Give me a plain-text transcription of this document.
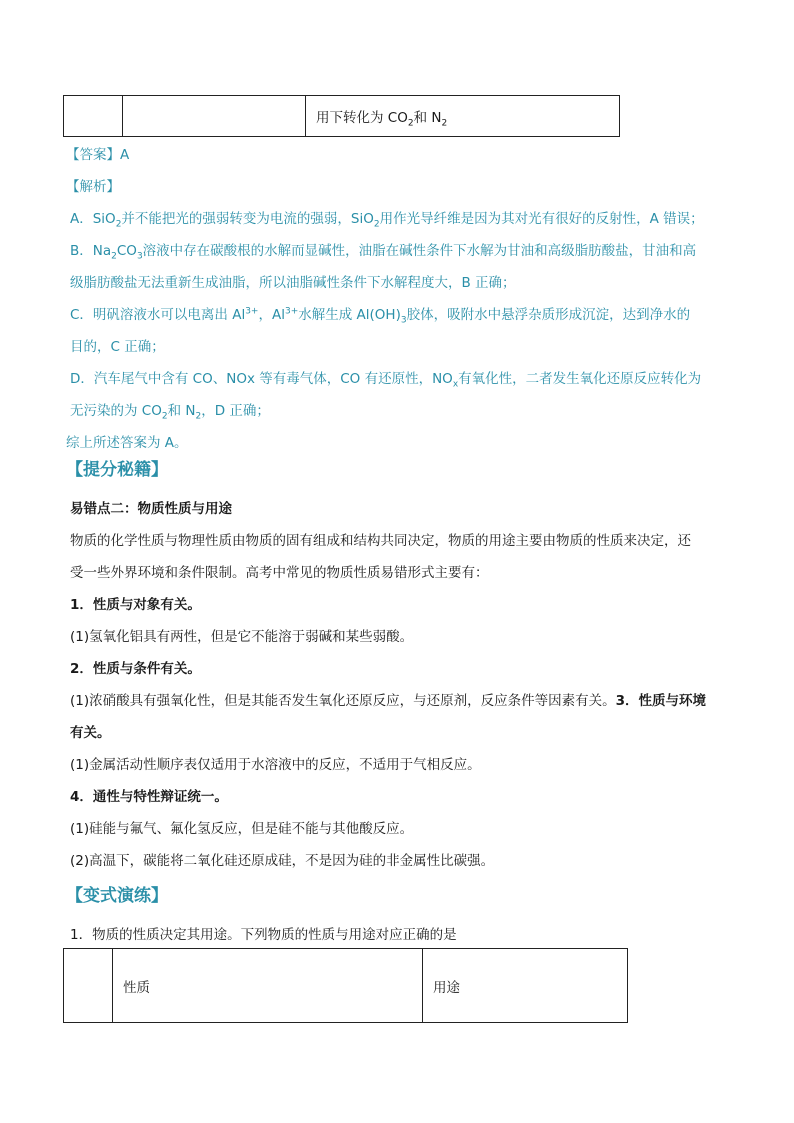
		用下转化为 $CO_2$和 $N_2$
【答案】A
【解析】
A．SiO$_2$并不能把光的强弱转变为电流的强弱，SiO$_2$用作光导纤维是因为其对光有很好的反射性，A 错误；
B．$Na_2CO_3$溶液中存在碳酸根的水解而显碱性，油脂在碱性条件下水解为甘油和高级脂肪酸盐，甘油和高
级脂肪酸盐无法重新生成油脂，所以油脂碱性条件下水解程度大，B 正确；
C．明矾溶液水可以电离出 $Al^{3+}$，$Al^{3+}$水解生成 $Al(OH)_3$胶体，吸附水中悬浮杂质形成沉淀，达到净水的
目的，C 正确；
D．汽车尾气中含有 CO、NOx 等有毒气体，CO 有还原性，$NO_x$有氧化性，二者发生氧化还原反应转化为
无污染的为 $CO_2$和 $N_2$，D 正确；
综上所述答案为 A。
【提分秘籍】
易错点二：物质性质与用途
物质的化学性质与物理性质由物质的固有组成和结构共同决定，物质的用途主要由物质的性质来决定，还
受一些外界环境和条件限制。高考中常见的物质性质易错形式主要有：
1．性质与对象有关。
(1)氢氧化铝具有两性，但是它不能溶于弱碱和某些弱酸。
2．性质与条件有关。
(1)浓硝酸具有强氧化性，但是其能否发生氧化还原反应，与还原剂，反应条件等因素有关。3．性质与环境
有关。
(1)金属活动性顺序表仅适用于水溶液中的反应，不适用于气相反应。
4．通性与特性辩证统一。
(1)硅能与氟气、氟化氢反应，但是硅不能与其他酸反应。
(2)高温下，碳能将二氧化硅还原成硅，不是因为硅的非金属性比碳强。
【变式演练】
1．物质的性质决定其用途。下列物质的性质与用途对应正确的是
	性质	用途
